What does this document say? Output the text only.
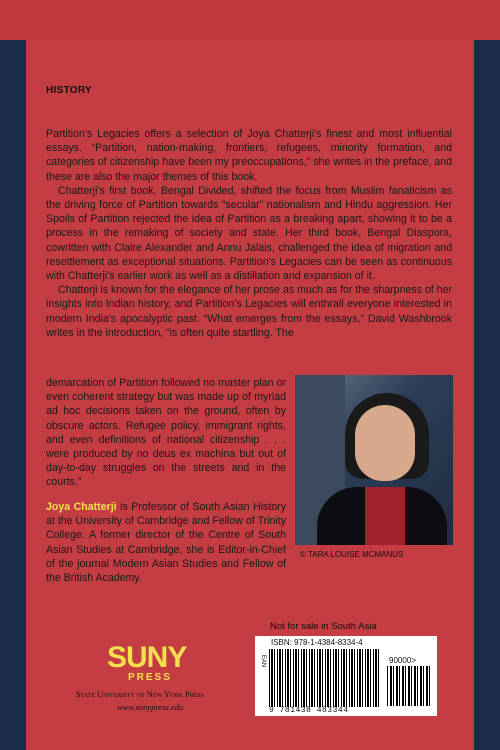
HISTORY

Partition's Legacies offers a selection of Joya Chatterji's finest and most influential essays. “Partition, nation-making, frontiers, refugees, minority formation, and categories of citizenship have been my preoccupations,” she writes in the preface, and these are also the major themes of this book.

Chatterji's first book, Bengal Divided, shifted the focus from Muslim fanaticism as the driving force of Partition towards “secular” nationalism and Hindu aggression. Her Spoils of Partition rejected the idea of Partition as a breaking apart, showing it to be a process in the remaking of society and state. Her third book, Bengal Diaspora, cowritten with Claire Alexander and Annu Jalais, challenged the idea of migration and resettlement as exceptional situations. Partition's Legacies can be seen as continuous with Chatterji's earlier work as well as a distillation and expansion of it.

Chatterji is known for the elegance of her prose as much as for the sharpness of her insights into Indian history, and Partition's Legacies will enthrall everyone interested in modern India's apocalyptic past. “What emerges from the essays,” David Washbrook writes in the introduction, “is often quite startling. The

demarcation of Partition followed no master plan or even coherent strategy but was made up of myriad ad hoc decisions taken on the ground, often by obscure actors. Refugee policy, immigrant rights, and even definitions of national citizenship . . . were produced by no deus ex machina but out of day-to-day struggles on the streets and in the courts.”
Joya Chatterji is Professor of South Asian History at the University of Cambridge and Fellow of Trinity College. A former director of the Centre of South Asian Studies at Cambridge, she is Editor-in-Chief of the journal Modern Asian Studies and Fellow of the British Academy.
© TARA LOUISE MCMANUS
Not for sale in South Asia
ISBN: 978-1-4384-8334-4
EAN	90000>
9 781438 483344
SUNY
PRESS
State University of New York Press
www.sunypress.edu
